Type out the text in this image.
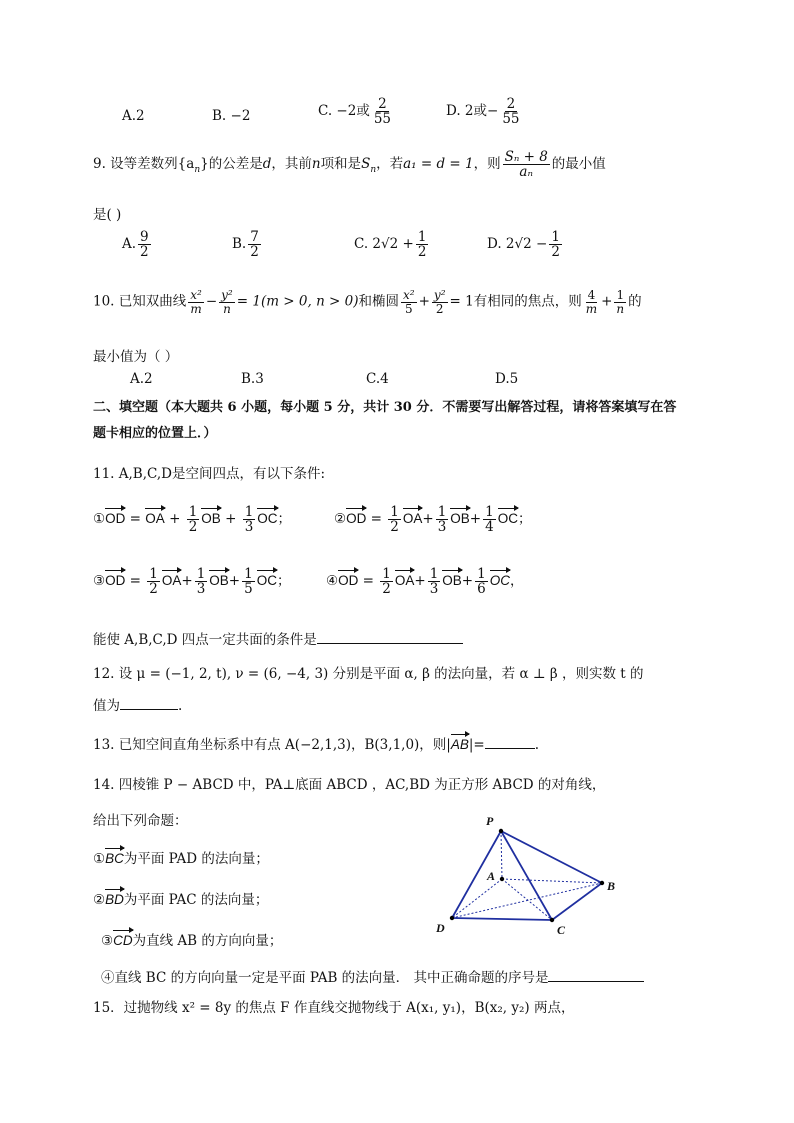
A.2	B. −2	C. −2或 $\frac{2}{55}$	D. 2或− $\frac{2}{55}$
9. 设等差数列$\{a_n\}$的公差是d，其前n项和是$S_n$，若a₁ = d = 1，则 $\frac{\text{Sₙ + 8}}{\text{aₙ}}$ 的最小值
是( )
A. $\frac{9}{2}$	B. $\frac{7}{2}$	C. $2√2 + \frac{1}{2}$	D. $2√2 - \frac{1}{2}$
10. 已知双曲线 $\frac{\text{x²}}{m} - \frac{\text{y²}}{n} = 1(m > 0$, n > 0)和椭圆 $\frac{\text{x²}}{5} + \frac{\text{y²}}{2} = 1$有相同的焦点，则 $\frac{4}{m} + \frac{1}{n}$ 的
最小值为（ ）
A.2	B.3	C.4	D.5
二、填空题（本大题共 6 小题，每小题 5 分，共计 30 分．不需要写出解答过程，请将答案填写在答
题卡相应的位置上．）
11. A,B,C,D是空间四点，有以下条件:
①OD = OA + $\frac{1}{2}$ OB + $\frac{1}{3}$ OC；	②OD = $\frac{1}{2} OA+ \frac{1}{3} OB+ \frac{1}{4}$ OC；
③OD = $\frac{1}{2} OA+ \frac{1}{3} OB+ \frac{1}{5}$ OC；	④OD = $\frac{1}{2} OA+ \frac{1}{3} OB+ \frac{1}{6}$ OC，
能使 A,B,C,D 四点一定共面的条件是
12. 设 μ = (−1, 2, t), ν = (6, −4, 3) 分别是平面 α, β 的法向量，若 α ⊥ β ，则实数 t 的
值为	.
13. 已知空间直角坐标系中有点 A(−2,1,3)，B(3,1,0)，则|AB|=	.
14. 四棱锥 P − ABCD 中，PA⊥底面 ABCD ，AC,BD 为正方形 ABCD 的对角线，
给出下列命题：
①BC为平面 PAD 的法向量；
②BD为平面 PAC 的法向量；
③CD为直线 AB 的方向向量；
④直线 BC 的方向向量一定是平面 PAB 的法向量． 其中正确命题的序号是
P
A
B
C
D
15．过抛物线 x² = 8y 的焦点 F 作直线交抛物线于 A(x₁, y₁)，B(x₂, y₂) 两点，
